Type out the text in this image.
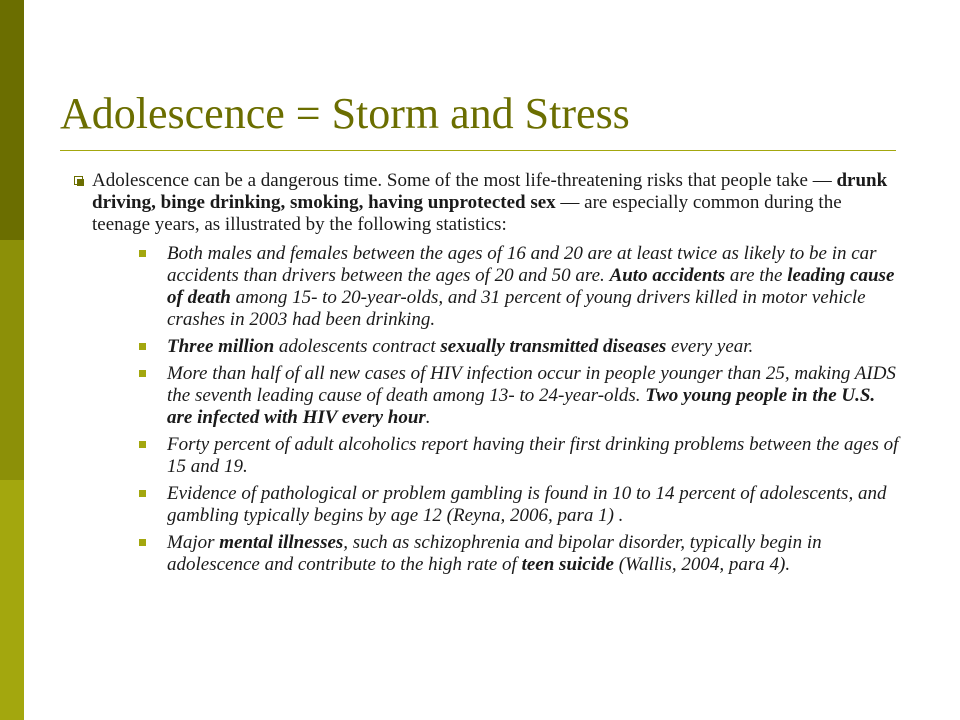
Adolescence = Storm and Stress
Adolescence can be a dangerous time. Some of the most life-threatening risks that people take — drunk driving, binge drinking, smoking, having unprotected sex — are especially common during the teenage years, as illustrated by the following statistics:
Both males and females between the ages of 16 and 20 are at least twice as likely to be in car accidents than drivers between the ages of 20 and 50 are. Auto accidents are the leading cause of death among 15- to 20-year-olds, and 31 percent of young drivers killed in motor vehicle crashes in 2003 had been drinking.
Three million adolescents contract sexually transmitted diseases every year.
More than half of all new cases of HIV infection occur in people younger than 25, making AIDS the seventh leading cause of death among 13- to 24-year-olds. Two young people in the U.S. are infected with HIV every hour.
Forty percent of adult alcoholics report having their first drinking problems between the ages of 15 and 19.
Evidence of pathological or problem gambling is found in 10 to 14 percent of adolescents, and gambling typically begins by age 12 (Reyna, 2006, para 1) .
Major mental illnesses, such as schizophrenia and bipolar disorder, typically begin in adolescence and contribute to the high rate of teen suicide (Wallis, 2004, para 4).
